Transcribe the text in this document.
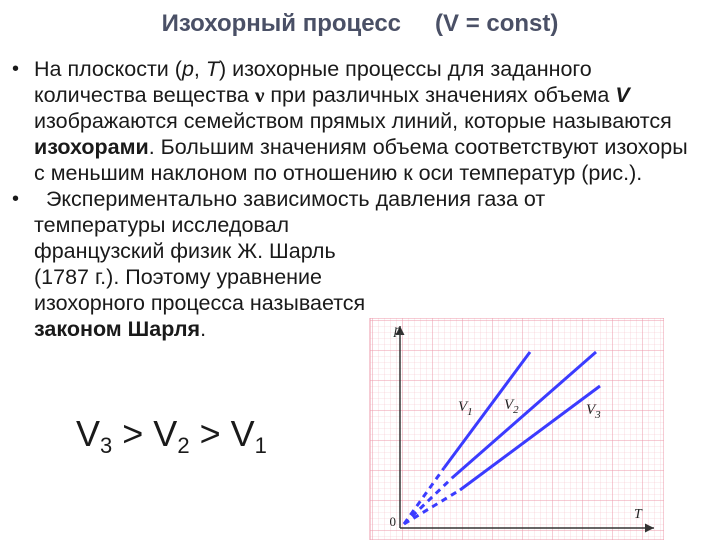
Изохорный процесс (V = const)
• На плоскости (p, T) изохорные процессы для заданного количества вещества ν при различных значениях объема V изображаются семейством прямых линий, которые называются изохорами. Большим значениям объема соответствуют изохоры с меньшим наклоном по отношению к оси температур (рис.).
• Экспериментально зависимость давления газа от
температуры исследовал французский физик Ж. Шарль (1787 г.). Поэтому уравнение изохорного процесса называется законом Шарля.
$V_3 > V_2 > V_1$
p
T
0
$V_1$ $V_2$	$V_3$
